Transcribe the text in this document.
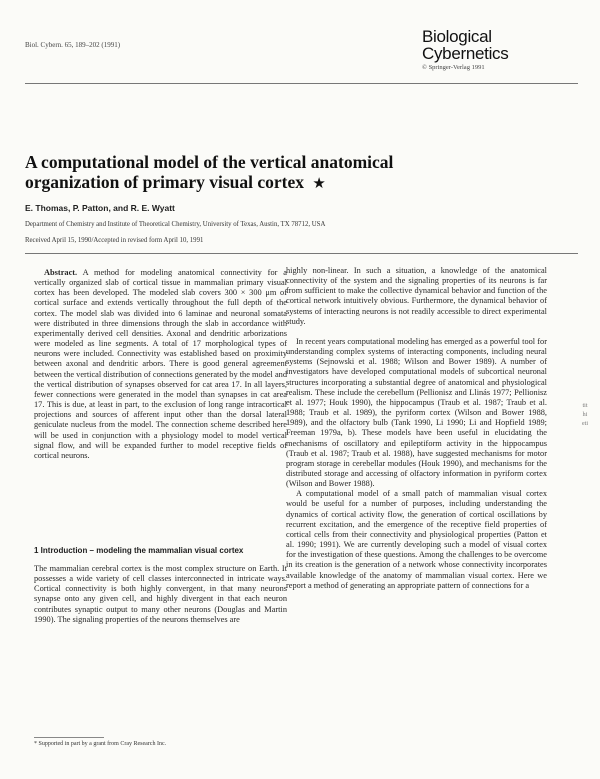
Biol. Cybern. 65, 189–202 (1991)	Biological
Cybernetics
© Springer-Verlag 1991
A computational model of the vertical anatomical
organization of primary visual cortex ★
E. Thomas, P. Patton, and R. E. Wyatt
Department of Chemistry and Institute of Theoretical Chemistry, University of Texas, Austin, TX 78712, USA
Received April 15, 1990/Accepted in revised form April 10, 1991

Abstract. A method for modeling anatomical connectivity for a vertically organized slab of cortical tissue in mammalian primary visual cortex has been developed. The modeled slab covers 300 × 300 μm of cortical surface and extends vertically throughout the full depth of the cortex. The model slab was divided into 6 laminae and neuronal somata were distributed in three dimensions through the slab in accordance with experimentally derived cell densities. Axonal and dendritic arborizations were modeled as line segments. A total of 17 morphological types of neurons were included. Connectivity was established based on proximity between axonal and dendritic arbors. There is good general agreement between the vertical distribution of connections generated by the model and the vertical distribution of synapses observed for cat area 17. In all layers, fewer connections were generated in the model than synapses in cat area 17. This is due, at least in part, to the exclusion of long range intracortical projections and sources of afferent input other than the dorsal lateral geniculate nucleus from the model. The connection scheme described here will be used in conjunction with a physiology model to model vertical signal flow, and will be expanded further to model receptive fields of cortical neurons.

1 Introduction – modeling the mammalian visual cortex

The mammalian cerebral cortex is the most complex structure on Earth. It possesses a wide variety of cell classes interconnected in intricate ways. Cortical connectivity is both highly convergent, in that many neurons synapse onto any given cell, and highly divergent in that each neuron contributes synaptic output to many other neurons (Douglas and Martin 1990). The signaling properties of the neurons themselves are

highly non-linear. In such a situation, a knowledge of the anatomical connectivity of the system and the signaling properties of its neurons is far from sufficient to make the collective dynamical behavior and function of the cortical network intuitively obvious. Furthermore, the dynamical behavior of systems of interacting neurons is not readily accessible to direct experimental study.

In recent years computational modeling has emerged as a powerful tool for understanding complex systems of interacting components, including neural systems (Sejnowski et al. 1988; Wilson and Bower 1989). A number of investigators have developed computational models of subcortical neuronal structures incorporating a substantial degree of anatomical and physiological realism. These include the cerebellum (Pellionisz and Llinás 1977; Pellionisz et al. 1977; Houk 1990), the hippocampus (Traub et al. 1987; Traub et al. 1988; Traub et al. 1989), the pyriform cortex (Wilson and Bower 1988, 1989), and the olfactory bulb (Tank 1990, Li 1990; Li and Hopfield 1989; Freeman 1979a, b). These models have been useful in elucidating the mechanisms of oscillatory and epileptiform activity in the hippocampus (Traub et al. 1987; Traub et al. 1988), have suggested mechanisms for motor program storage in cerebellar modules (Houk 1990), and mechanisms for the distributed storage and accessing of olfactory information in pyriform cortex (Wilson and Bower 1988).

A computational model of a small patch of mammalian visual cortex would be useful for a number of purposes, including understanding the dynamics of cortical activity flow, the generation of cortical oscillations by recurrent excitation, and the emergence of the receptive field properties of cortical cells from their connectivity and physiological properties (Patton et al. 1990; 1991). We are currently developing such a model of visual cortex for the investigation of these questions. Among the challenges to be overcome in its creation is the generation of a network whose connectivity incorporates available knowledge of the anatomy of mammalian visual cortex. Here we report a method of generating an appropriate pattern of connections for a

tit
hi
eti
* Supported in part by a grant from Cray Research Inc.
